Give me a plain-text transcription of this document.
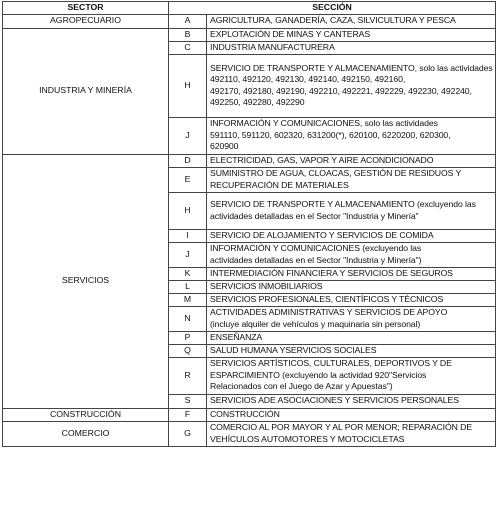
SECTOR	SECCIÓN	
AGROPECUARIO	A	AGRICULTURA, GANADERÍA, CAZA, SILVICULTURA Y PESCA

INDUSTRIA Y MINERÍA	B	EXPLOTACIÓN DE MINAS Y CANTERAS

	C	INDUSTRIA MANUFACTURERA

	H	SERVICIO DE TRANSPORTE Y ALMACENAMIENTO, solo las actividades
492110, 492120, 492130, 492140, 492150, 492160,
492170, 492180, 492190, 492210, 492221, 492229, 492230, 492240,
492250, 492280, 492290

	J	INFORMACIÓN Y COMUNICACIONES, solo las actividades
591110, 591120, 602320, 631200(*), 620100, 6220200, 620300,
620900

SERVICIOS	D	ELECTRICIDAD, GAS, VAPOR Y AIRE ACONDICIONADO

	E	SUMINISTRO DE AGUA, CLOACAS, GESTIÓN DE RESIDUOS Y
RECUPERACIÓN DE MATERIALES

	H	SERVICIO DE TRANSPORTE Y ALMACENAMIENTO (excluyendo las
actividades detalladas en el Sector "Industria y Minería"

	I	SERVICIO DE ALOJAMIENTO Y SERVICIOS DE COMIDA

	J	INFORMACIÓN Y COMUNICACIONES (excluyendo las
actividades detalladas en el Sector "Industria y Minería")

	K	INTERMEDIACIÓN FINANCIERA Y SERVICIOS DE SEGUROS

	L	SERVICIOS INMOBILIARIOS

	M	SERVICIOS PROFESIONALES, CIENTÍFICOS Y TÉCNICOS

	N	ACTIVIDADES ADMINISTRATIVAS Y SERVICIOS DE APOYO
(incluye alquiler de vehículos y maquinaria sin personal)

	P	ENSEÑANZA

	Q	SALUD HUMANA YSERVICIOS SOCIALES

	R	SERVICIOS ARTÍSTICOS, CULTURALES, DEPORTIVOS Y DE
ESPARCIMIENTO (excluyendo la actividad 920"Servicios
Relacionados con el Juego de Azar y Apuestas")

	S	SERVICIOS ADE ASOCIACIONES Y SERVICIOS PERSONALES

CONSTRUCCIÓN	F	CONSTRUCCIÓN

COMERCIO	G	COMERCIO AL POR MAYOR Y AL POR MENOR; REPARACIÓN DE
VEHÍCULOS AUTOMOTORES Y MOTOCICLETAS
